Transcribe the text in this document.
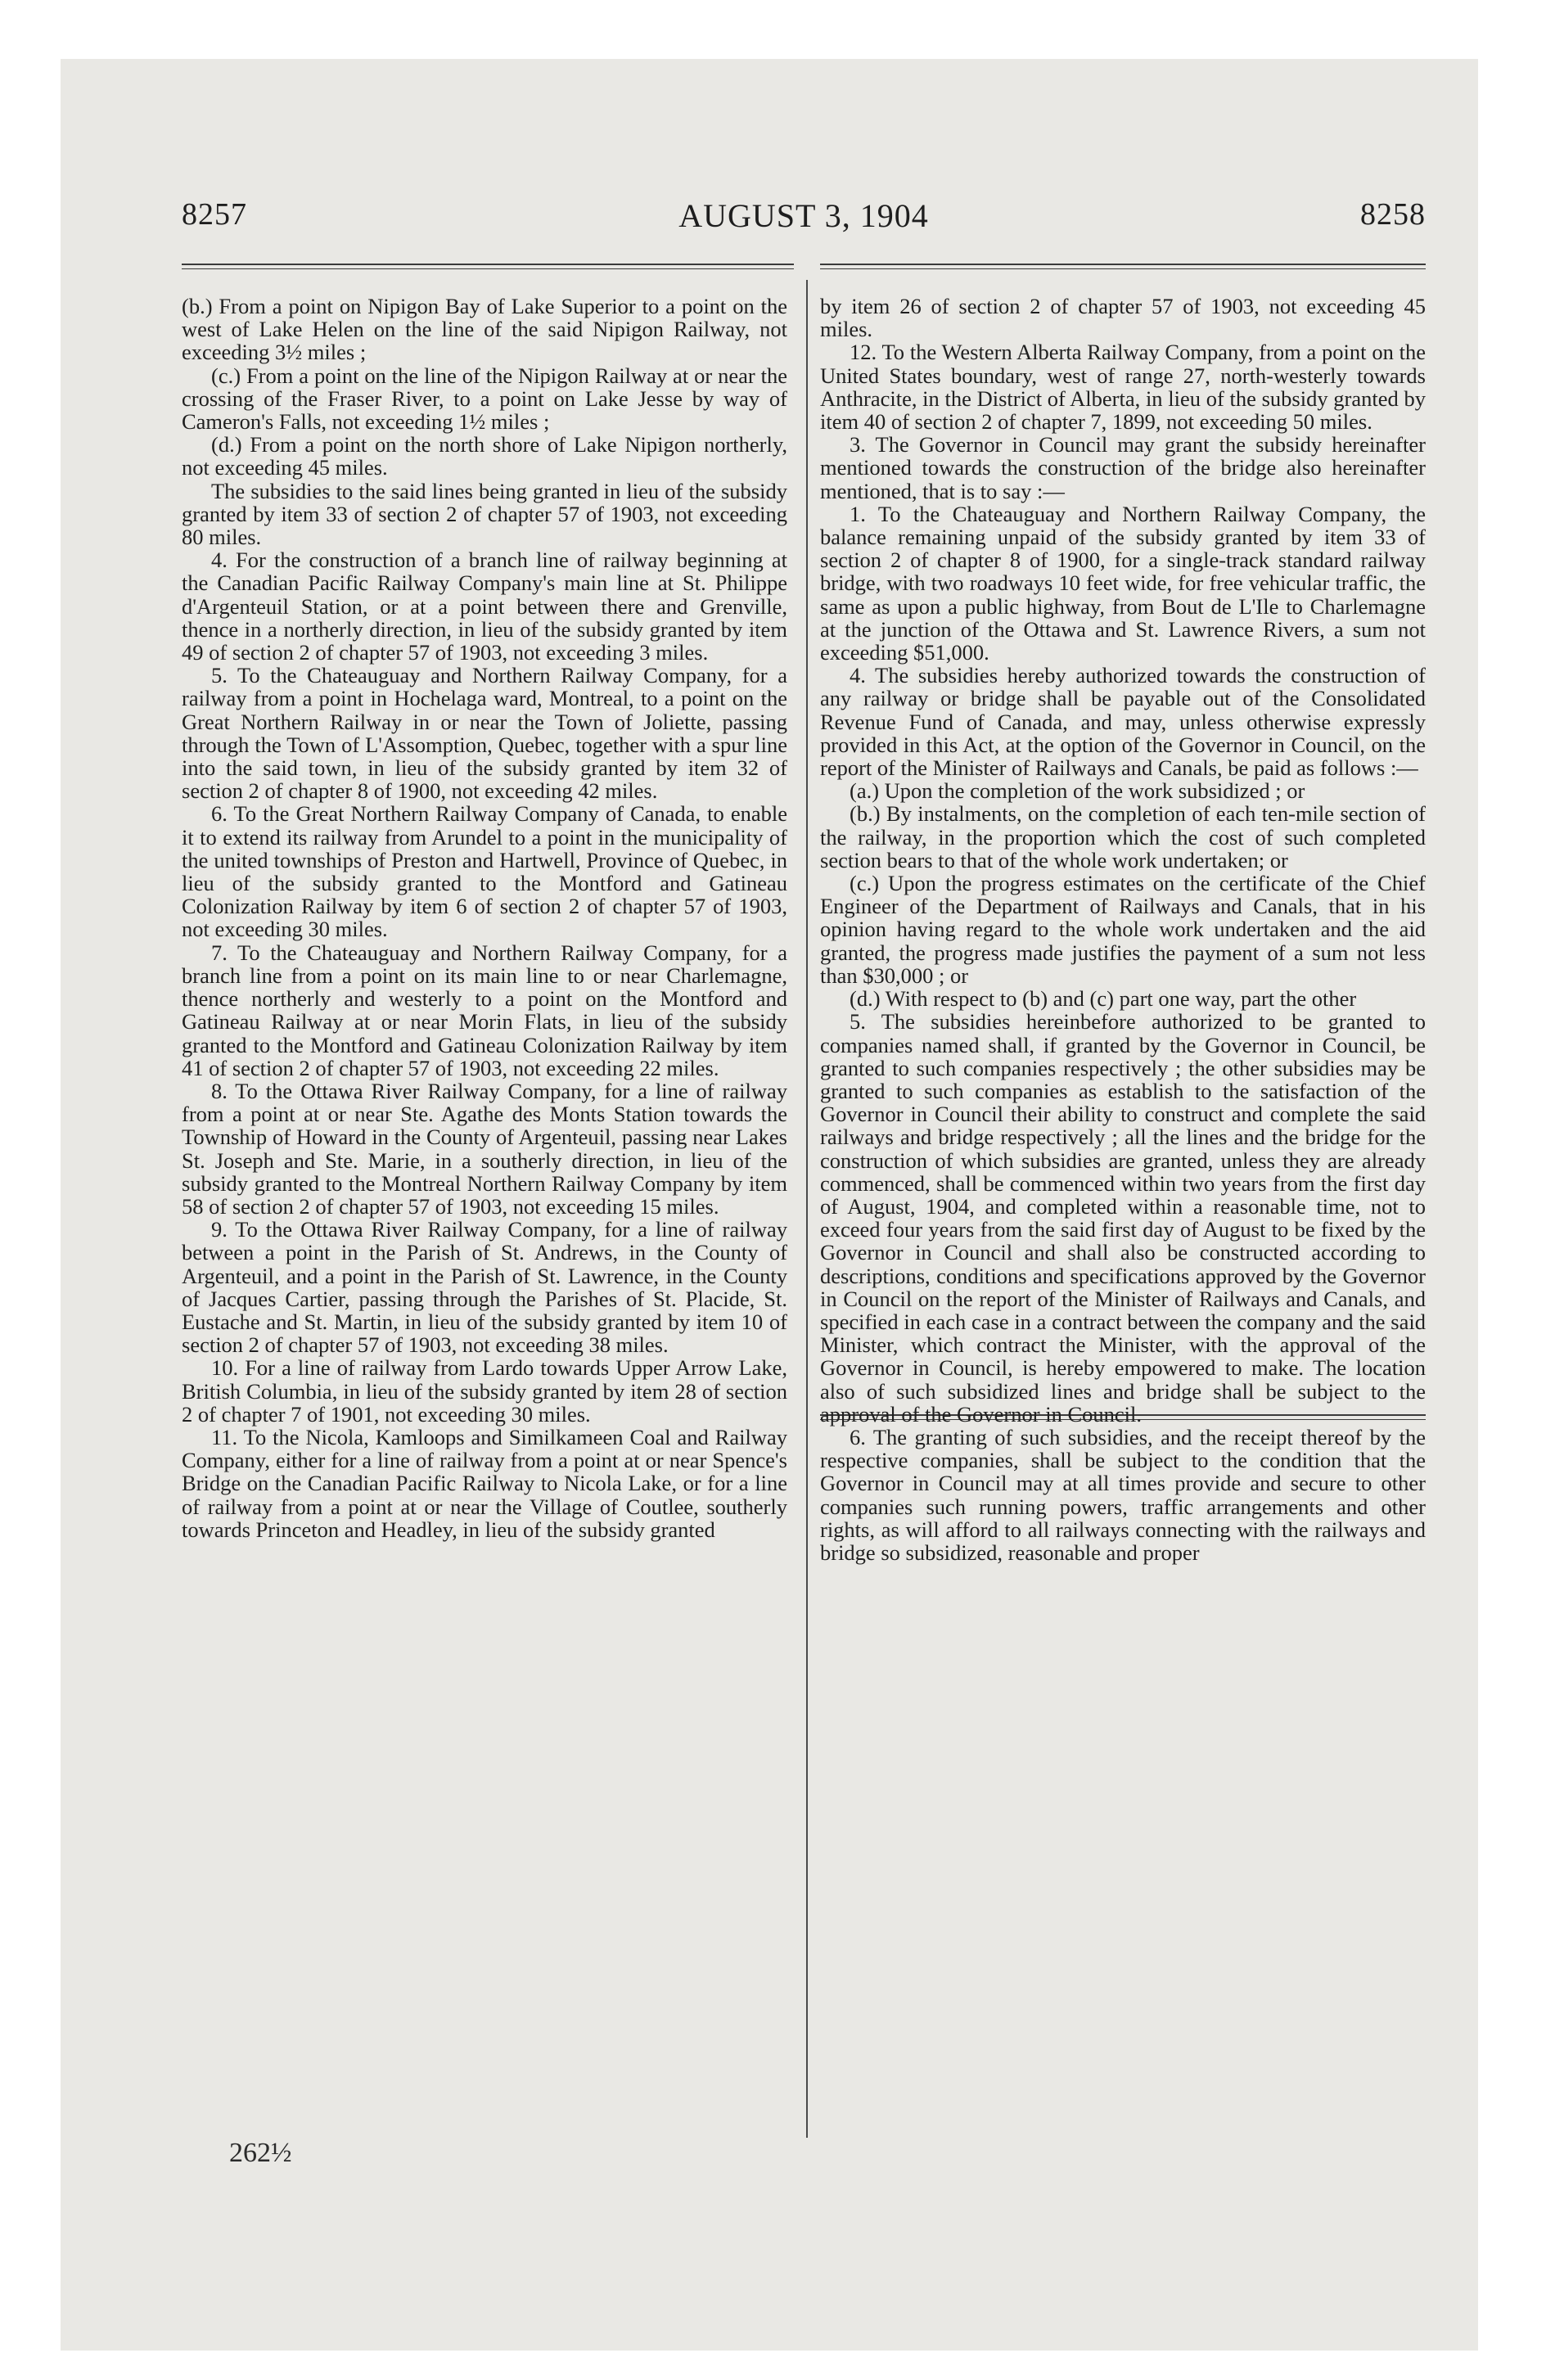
8257	AUGUST 3, 1904	8258

(b.) From a point on Nipigon Bay of Lake Superior to a point on the west of Lake Helen on the line of the said Nipigon Railway, not exceeding 3½ miles ;

(c.) From a point on the line of the Nipigon Railway at or near the crossing of the Fraser River, to a point on Lake Jesse by way of Cameron's Falls, not exceeding 1½ miles ;

(d.) From a point on the north shore of Lake Nipigon northerly, not exceeding 45 miles.

The subsidies to the said lines being granted in lieu of the subsidy granted by item 33 of section 2 of chapter 57 of 1903, not exceeding 80 miles.

4. For the construction of a branch line of railway beginning at the Canadian Pacific Railway Company's main line at St. Philippe d'Argenteuil Station, or at a point between there and Grenville, thence in a northerly direction, in lieu of the subsidy granted by item 49 of section 2 of chapter 57 of 1903, not exceeding 3 miles.

5. To the Chateauguay and Northern Railway Company, for a railway from a point in Hochelaga ward, Montreal, to a point on the Great Northern Railway in or near the Town of Joliette, passing through the Town of L'Assomption, Quebec, together with a spur line into the said town, in lieu of the subsidy granted by item 32 of section 2 of chapter 8 of 1900, not exceeding 42 miles.

6. To the Great Northern Railway Company of Canada, to enable it to extend its railway from Arundel to a point in the municipality of the united townships of Preston and Hartwell, Province of Quebec, in lieu of the subsidy granted to the Montford and Gatineau Colonization Railway by item 6 of section 2 of chapter 57 of 1903, not exceeding 30 miles.

7. To the Chateauguay and Northern Railway Company, for a branch line from a point on its main line to or near Charlemagne, thence northerly and westerly to a point on the Montford and Gatineau Railway at or near Morin Flats, in lieu of the subsidy granted to the Montford and Gatineau Colonization Railway by item 41 of section 2 of chapter 57 of 1903, not exceeding 22 miles.

8. To the Ottawa River Railway Company, for a line of railway from a point at or near Ste. Agathe des Monts Station towards the Township of Howard in the County of Argenteuil, passing near Lakes St. Joseph and Ste. Marie, in a southerly direction, in lieu of the subsidy granted to the Montreal Northern Railway Company by item 58 of section 2 of chapter 57 of 1903, not exceeding 15 miles.

9. To the Ottawa River Railway Company, for a line of railway between a point in the Parish of St. Andrews, in the County of Argenteuil, and a point in the Parish of St. Lawrence, in the County of Jacques Cartier, passing through the Parishes of St. Placide, St. Eustache and St. Martin, in lieu of the subsidy granted by item 10 of section 2 of chapter 57 of 1903, not exceeding 38 miles.

10. For a line of railway from Lardo towards Upper Arrow Lake, British Columbia, in lieu of the subsidy granted by item 28 of section 2 of chapter 7 of 1901, not exceeding 30 miles.

11. To the Nicola, Kamloops and Similkameen Coal and Railway Company, either for a line of railway from a point at or near Spence's Bridge on the Canadian Pacific Railway to Nicola Lake, or for a line of railway from a point at or near the Village of Coutlee, southerly towards Princeton and Headley, in lieu of the subsidy granted

by item 26 of section 2 of chapter 57 of 1903, not exceeding 45 miles.

12. To the Western Alberta Railway Company, from a point on the United States boundary, west of range 27, north-westerly towards Anthracite, in the District of Alberta, in lieu of the subsidy granted by item 40 of section 2 of chapter 7, 1899, not exceeding 50 miles.

3. The Governor in Council may grant the subsidy hereinafter mentioned towards the construction of the bridge also hereinafter mentioned, that is to say :—

1. To the Chateauguay and Northern Railway Company, the balance remaining unpaid of the subsidy granted by item 33 of section 2 of chapter 8 of 1900, for a single-track standard railway bridge, with two roadways 10 feet wide, for free vehicular traffic, the same as upon a public highway, from Bout de L'Ile to Charlemagne at the junction of the Ottawa and St. Lawrence Rivers, a sum not exceeding $51,000.

4. The subsidies hereby authorized towards the construction of any railway or bridge shall be payable out of the Consolidated Revenue Fund of Canada, and may, unless otherwise expressly provided in this Act, at the option of the Governor in Council, on the report of the Minister of Railways and Canals, be paid as follows :—

(a.) Upon the completion of the work subsidized ; or

(b.) By instalments, on the completion of each ten-mile section of the railway, in the proportion which the cost of such completed section bears to that of the whole work undertaken; or

(c.) Upon the progress estimates on the certificate of the Chief Engineer of the Department of Railways and Canals, that in his opinion having regard to the whole work undertaken and the aid granted, the progress made justifies the payment of a sum not less than $30,000 ; or

(d.) With respect to (b) and (c) part one way, part the other

5. The subsidies hereinbefore authorized to be granted to companies named shall, if granted by the Governor in Council, be granted to such companies respectively ; the other subsidies may be granted to such companies as establish to the satisfaction of the Governor in Council their ability to construct and complete the said railways and bridge respectively ; all the lines and the bridge for the construction of which subsidies are granted, unless they are already commenced, shall be commenced within two years from the first day of August, 1904, and completed within a reasonable time, not to exceed four years from the said first day of August to be fixed by the Governor in Council and shall also be constructed according to descriptions, conditions and specifications approved by the Governor in Council on the report of the Minister of Railways and Canals, and specified in each case in a contract between the company and the said Minister, which contract the Minister, with the approval of the Governor in Council, is hereby empowered to make. The location also of such subsidized lines and bridge shall be subject to the approval of the Governor in Council.

6. The granting of such subsidies, and the receipt thereof by the respective companies, shall be subject to the condition that the Governor in Council may at all times provide and secure to other companies such running powers, traffic arrangements and other rights, as will afford to all railways connecting with the railways and bridge so subsidized, reasonable and proper

262½
